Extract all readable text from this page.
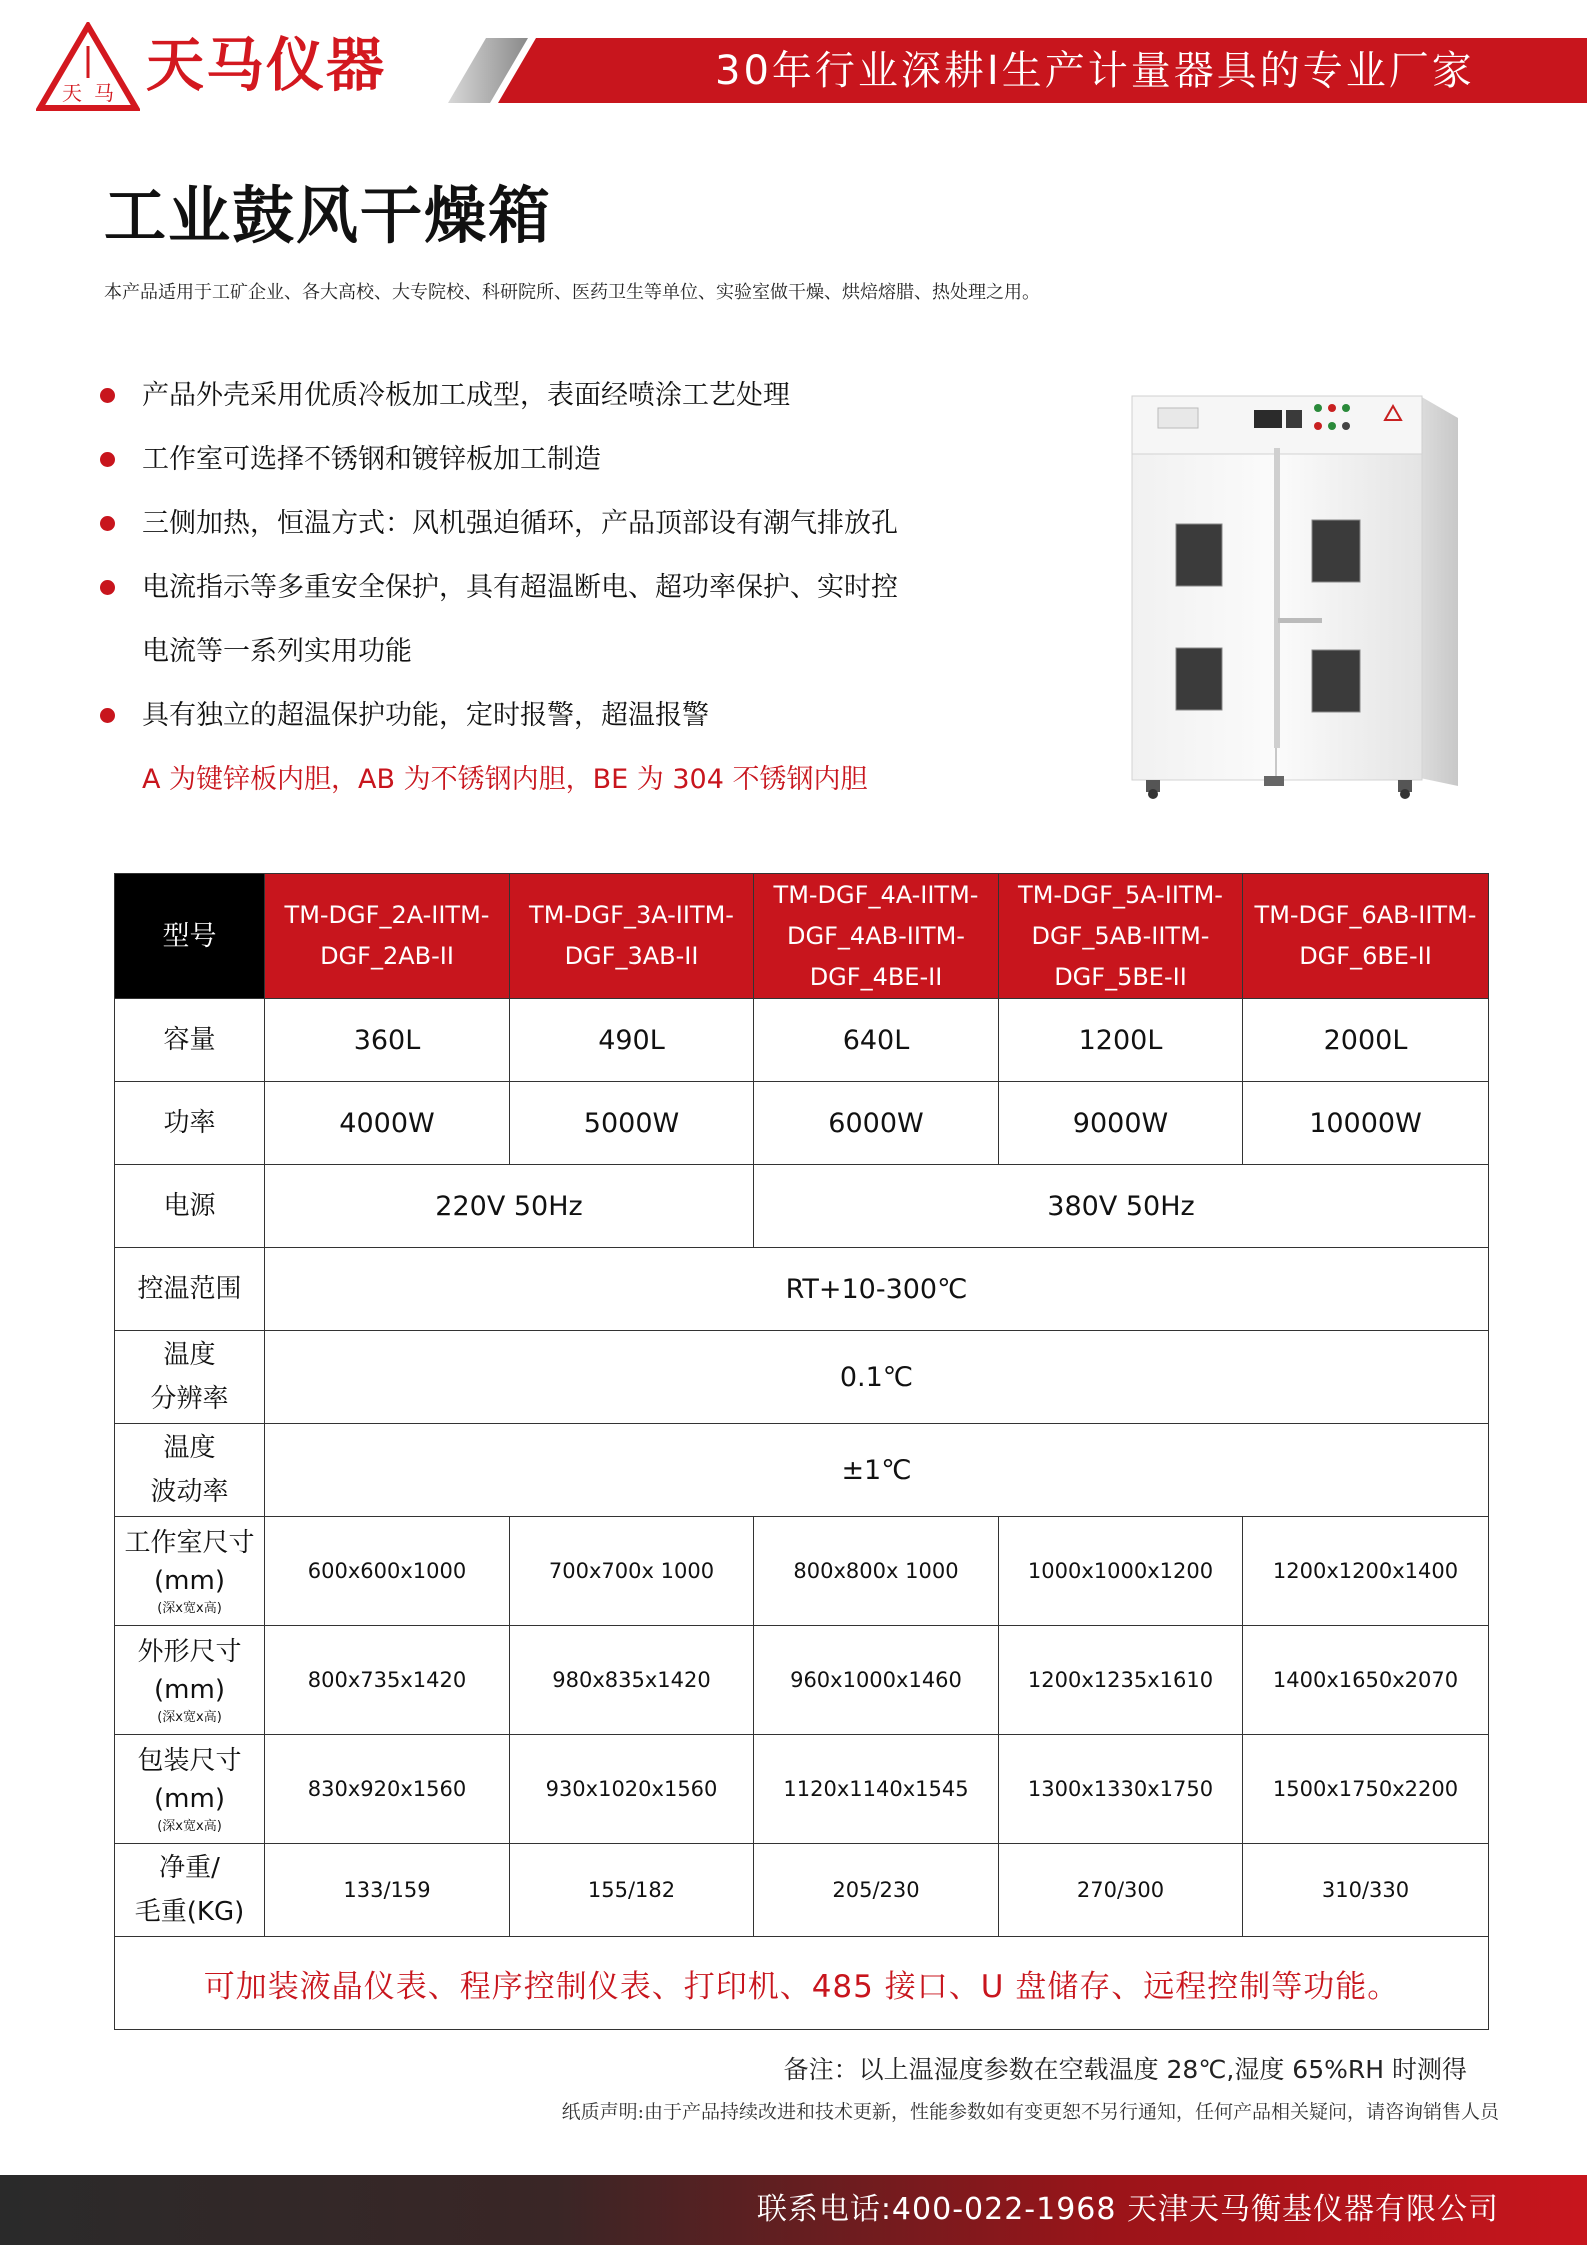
天 马 天马仪器	30年行业深耕I生产计量器具的专业厂家
工业鼓风干燥箱
本产品适用于工矿企业、各大高校、大专院校、科研院所、医药卫生等单位、实验室做干燥、烘焙熔腊、热处理之用。
产品外壳采用优质冷板加工成型，表面经喷涂工艺处理
工作室可选择不锈钢和镀锌板加工制造
三侧加热，恒温方式：风机强迫循环，产品顶部设有潮气排放孔
电流指示等多重安全保护，具有超温断电、超功率保护、实时控
电流等一系列实用功能
具有独立的超温保护功能，定时报警，超温报警
A 为键锌板内胆，AB 为不锈钢内胆，BE 为 304 不锈钢内胆
型号	TM-DGF_2A-IITM-DGF_2AB-II	TM-DGF_3A-IITM-DGF_3AB-II	TM-DGF_4A-IITM-DGF_4AB-IITM-DGF_4BE-II	TM-DGF_5A-IITM-DGF_5AB-IITM-DGF_5BE-II	TM-DGF_6AB-IITM-DGF_6BE-II
容量	360L	490L	640L	1200L	2000L
功率	4000W	5000W	6000W	9000W	10000W
电源	220V 50Hz		380V 50Hz		
控温范围	RT+10-300℃				

温度
分辨率	0.1℃				

温度
波动率	±1℃				

工作室尺寸
(mm)
(深x宽x高)	600x600x1000	700x700x 1000	800x800x 1000	1000x1000x1200	1200x1200x1400

外形尺寸
(mm)
(深x宽x高)	800x735x1420	980x835x1420	960x1000x1460	1200x1235x1610	1400x1650x2070

包装尺寸
(mm)
(深x宽x高)	830x920x1560	930x1020x1560	1120x1140x1545	1300x1330x1750	1500x1750x2200

净重/
毛重(KG)	133/159	155/182	205/230	270/300	310/330
可加装液晶仪表、程序控制仪表、打印机、485 接口、U 盘储存、远程控制等功能。					
备注：以上温湿度参数在空载温度 28℃,湿度 65%RH 时测得
纸质声明:由于产品持续改进和技术更新，性能参数如有变更恕不另行通知，任何产品相关疑问，请咨询销售人员
联系电话:400-022-1968 天津天马衡基仪器有限公司
